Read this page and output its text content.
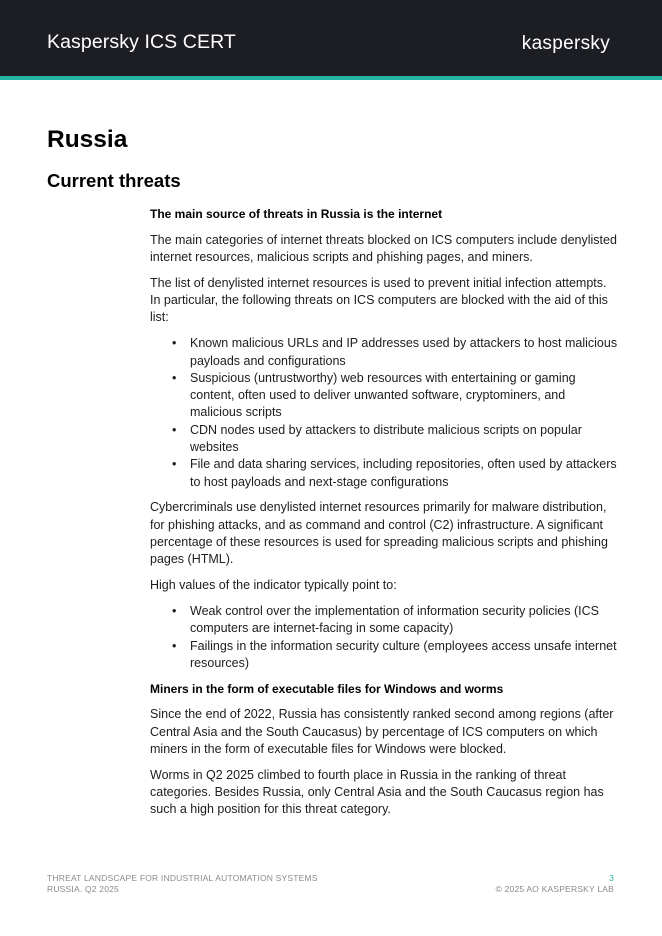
Kaspersky ICS CERT	kaspersky
Russia
Current threats

The main source of threats in Russia is the internet

The main categories of internet threats blocked on ICS computers include denylisted internet resources, malicious scripts and phishing pages, and miners.

The list of denylisted internet resources is used to prevent initial infection attempts. In particular, the following threats on ICS computers are blocked with the aid of this list:

• Known malicious URLs and IP addresses used by attackers to host malicious payloads and configurations
• Suspicious (untrustworthy) web resources with entertaining or gaming content, often used to deliver unwanted software, cryptominers, and malicious scripts
• CDN nodes used by attackers to distribute malicious scripts on popular websites
• File and data sharing services, including repositories, often used by attackers to host payloads and next-stage configurations

Cybercriminals use denylisted internet resources primarily for malware distribution, for phishing attacks, and as command and control (C2) infrastructure. A significant percentage of these resources is used for spreading malicious scripts and phishing pages (HTML).

High values of the indicator typically point to:

• Weak control over the implementation of information security policies (ICS computers are internet-facing in some capacity)
• Failings in the information security culture (employees access unsafe internet resources)

Miners in the form of executable files for Windows and worms

Since the end of 2022, Russia has consistently ranked second among regions (after Central Asia and the South Caucasus) by percentage of ICS computers on which miners in the form of executable files for Windows were blocked.

Worms in Q2 2025 climbed to fourth place in Russia in the ranking of threat categories. Besides Russia, only Central Asia and the South Caucasus region has such a high position for this threat category.

THREAT LANDSCAPE FOR INDUSTRIAL AUTOMATION SYSTEMS
RUSSIA. Q2 2025
3
© 2025 AO KASPERSKY LAB
